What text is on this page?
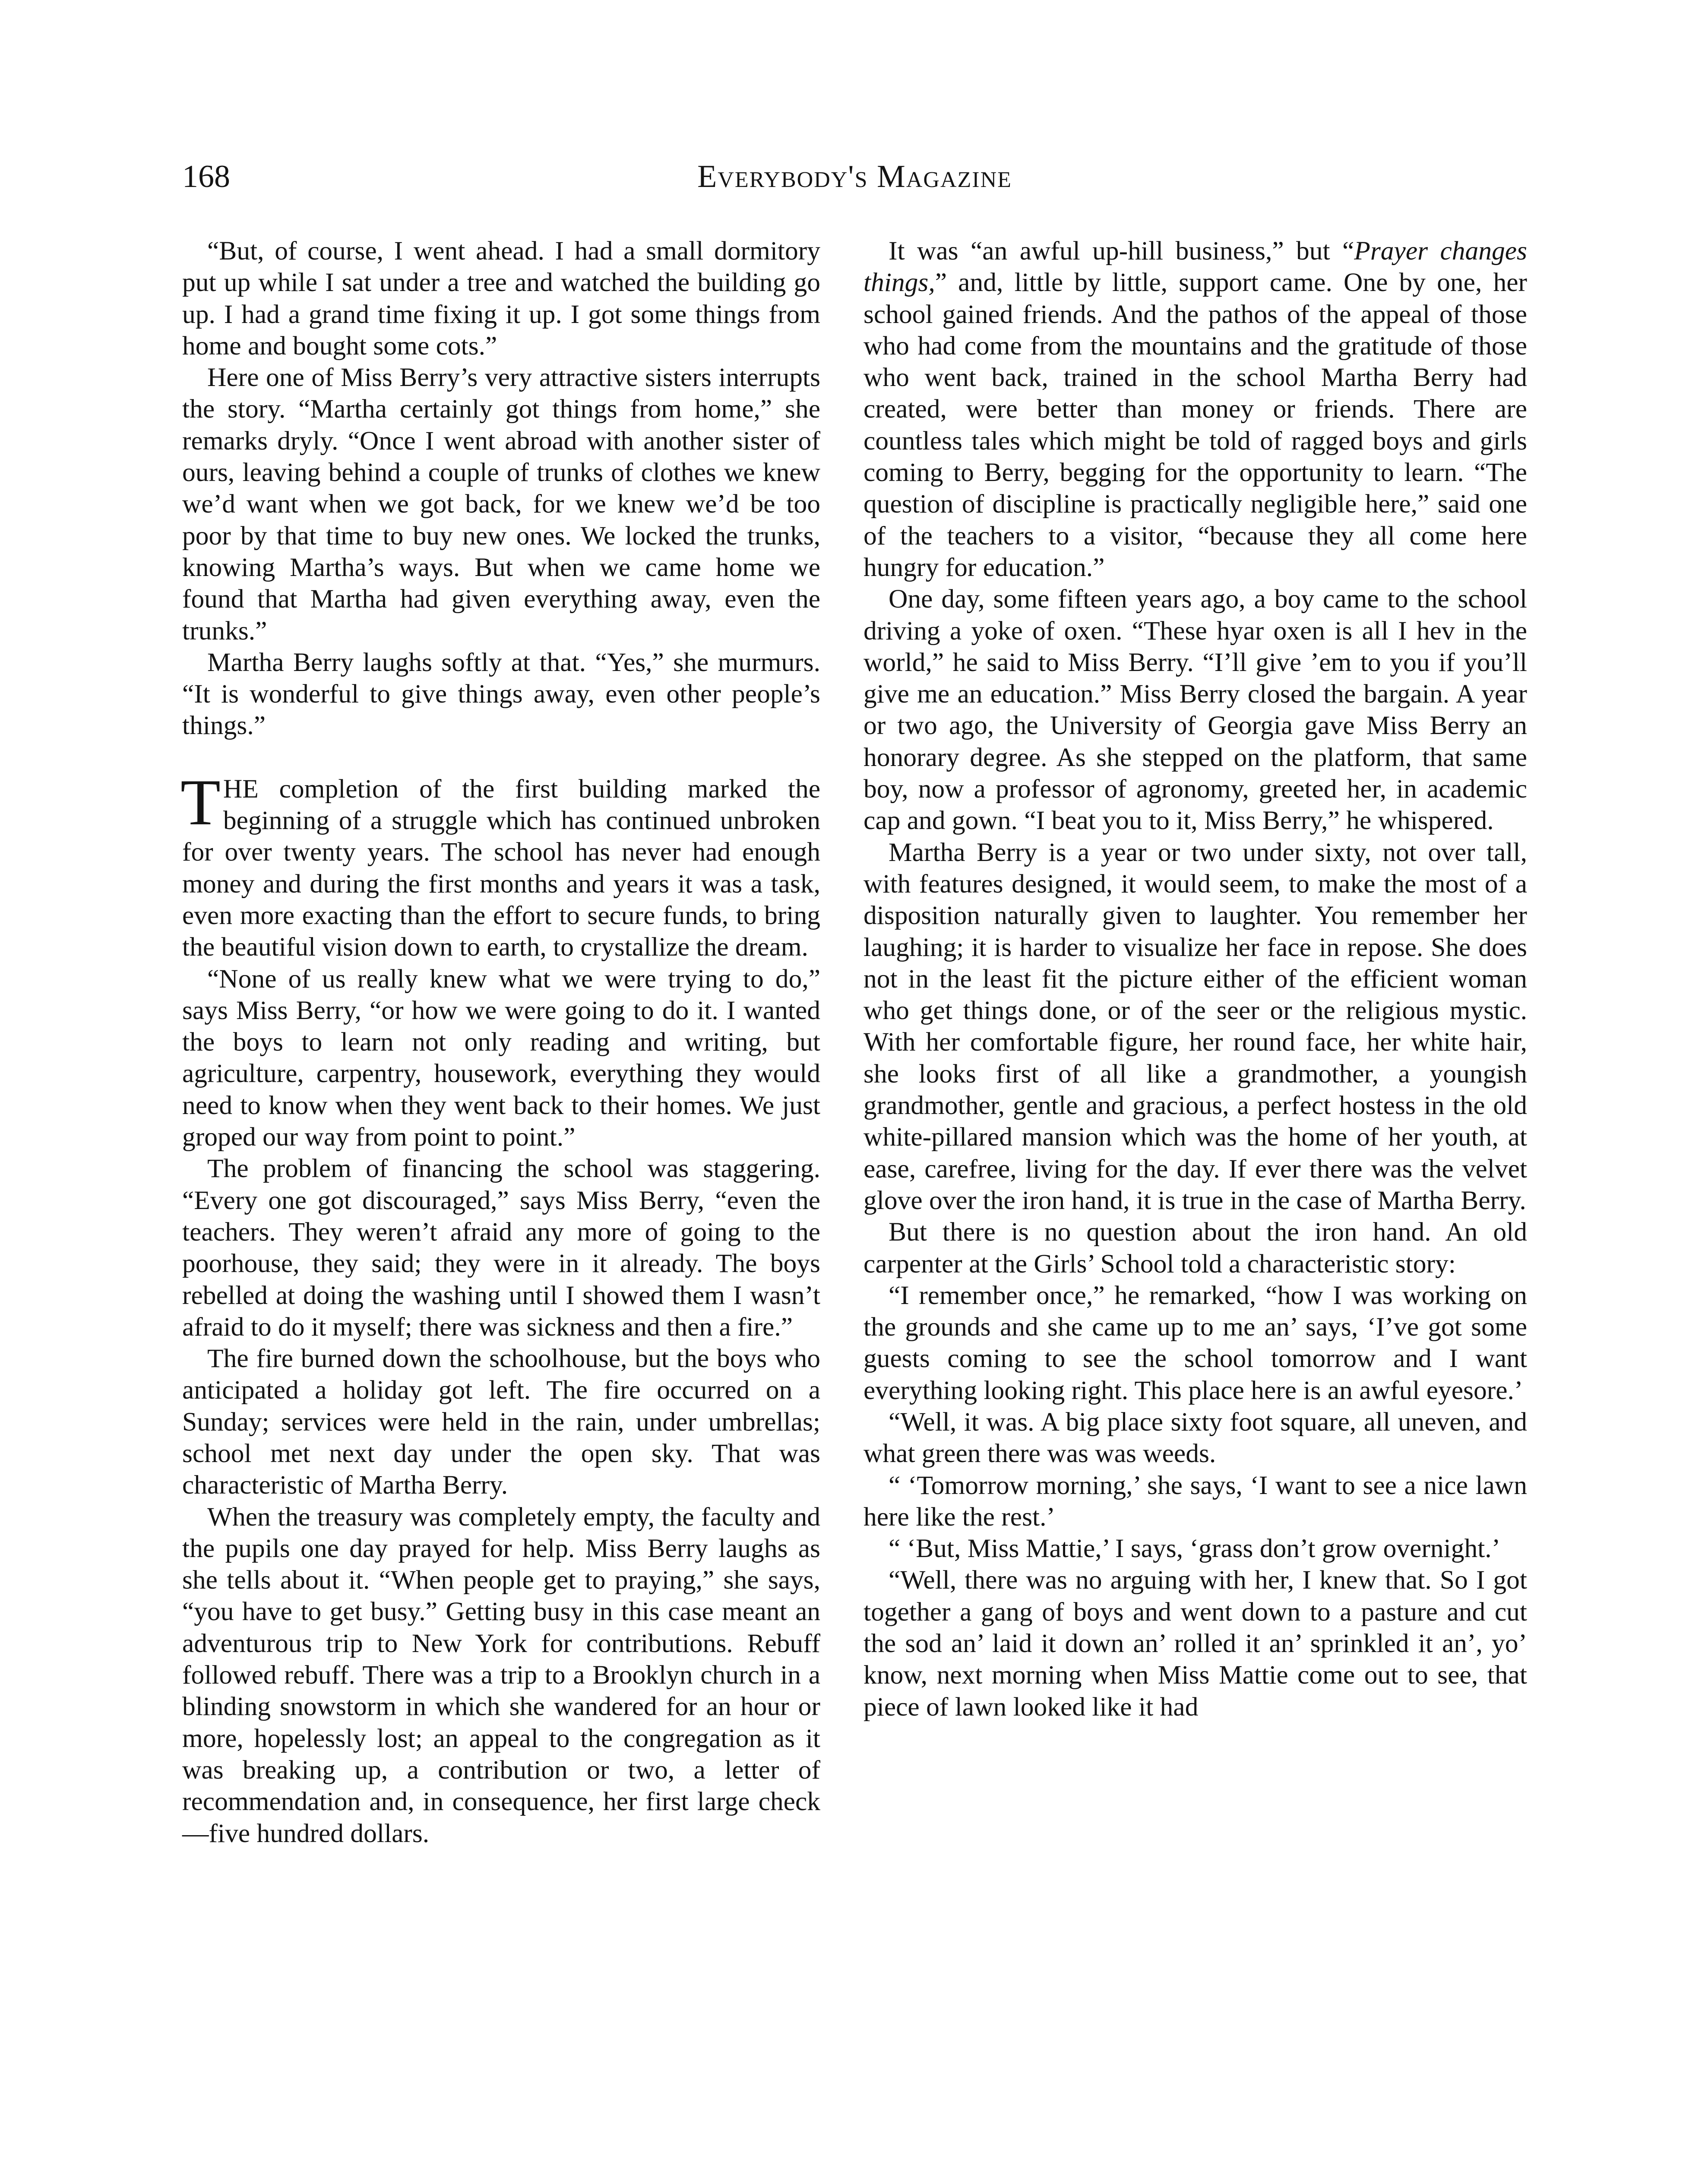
168	Everybody's Magazine

“But, of course, I went ahead. I had a small dormitory put up while I sat under a tree and watched the building go up. I had a grand time fixing it up. I got some things from home and bought some cots.”

Here one of Miss Berry’s very attractive sisters interrupts the story. “Martha certainly got things from home,” she remarks dryly. “Once I went abroad with another sister of ours, leaving behind a couple of trunks of clothes we knew we’d want when we got back, for we knew we’d be too poor by that time to buy new ones. We locked the trunks, knowing Martha’s ways. But when we came home we found that Martha had given everything away, even the trunks.”

Martha Berry laughs softly at that. “Yes,” she murmurs. “It is wonderful to give things away, even other people’s things.”

THE completion of the first building marked the beginning of a struggle which has continued unbroken for over twenty years. The school has never had enough money and during the first months and years it was a task, even more exacting than the effort to secure funds, to bring the beautiful vision down to earth, to crystallize the dream.

“None of us really knew what we were trying to do,” says Miss Berry, “or how we were going to do it. I wanted the boys to learn not only reading and writing, but agriculture, carpentry, housework, everything they would need to know when they went back to their homes. We just groped our way from point to point.”

The problem of financing the school was staggering. “Every one got discouraged,” says Miss Berry, “even the teachers. They weren’t afraid any more of going to the poorhouse, they said; they were in it already. The boys rebelled at doing the washing until I showed them I wasn’t afraid to do it myself; there was sickness and then a fire.”

The fire burned down the schoolhouse, but the boys who anticipated a holiday got left. The fire occurred on a Sunday; services were held in the rain, under umbrellas; school met next day under the open sky. That was characteristic of Martha Berry.

When the treasury was completely empty, the faculty and the pupils one day prayed for help. Miss Berry laughs as she tells about it. “When people get to praying,” she says, “you have to get busy.” Getting busy in this case meant an adventurous trip to New York for contributions. Rebuff followed rebuff. There was a trip to a Brooklyn church in a blinding snowstorm in which she wandered for an hour or more, hopelessly lost; an appeal to the congregation as it was breaking up, a contribution or two, a letter of recommendation and, in consequence, her first large check—five hundred dollars.

It was “an awful up-hill business,” but “Prayer changes things,” and, little by little, support came. One by one, her school gained friends. And the pathos of the appeal of those who had come from the mountains and the gratitude of those who went back, trained in the school Martha Berry had created, were better than money or friends. There are countless tales which might be told of ragged boys and girls coming to Berry, begging for the opportunity to learn. “The question of discipline is practically negligible here,” said one of the teachers to a visitor, “because they all come here hungry for education.”

One day, some fifteen years ago, a boy came to the school driving a yoke of oxen. “These hyar oxen is all I hev in the world,” he said to Miss Berry. “I’ll give ’em to you if you’ll give me an education.” Miss Berry closed the bargain. A year or two ago, the University of Georgia gave Miss Berry an honorary degree. As she stepped on the platform, that same boy, now a professor of agronomy, greeted her, in academic cap and gown. “I beat you to it, Miss Berry,” he whispered.

Martha Berry is a year or two under sixty, not over tall, with features designed, it would seem, to make the most of a disposition naturally given to laughter. You remember her laughing; it is harder to visualize her face in repose. She does not in the least fit the picture either of the efficient woman who get things done, or of the seer or the religious mystic. With her comfortable figure, her round face, her white hair, she looks first of all like a grandmother, a youngish grandmother, gentle and gracious, a perfect hostess in the old white-pillared mansion which was the home of her youth, at ease, carefree, living for the day. If ever there was the velvet glove over the iron hand, it is true in the case of Martha Berry.

But there is no question about the iron hand. An old carpenter at the Girls’ School told a characteristic story:

“I remember once,” he remarked, “how I was working on the grounds and she came up to me an’ says, ‘I’ve got some guests coming to see the school tomorrow and I want everything looking right. This place here is an awful eyesore.’

“Well, it was. A big place sixty foot square, all uneven, and what green there was was weeds.

“ ‘Tomorrow morning,’ she says, ‘I want to see a nice lawn here like the rest.’

“ ‘But, Miss Mattie,’ I says, ‘grass don’t grow overnight.’

“Well, there was no arguing with her, I knew that. So I got together a gang of boys and went down to a pasture and cut the sod an’ laid it down an’ rolled it an’ sprinkled it an’, yo’ know, next morning when Miss Mattie come out to see, that piece of lawn looked like it had
